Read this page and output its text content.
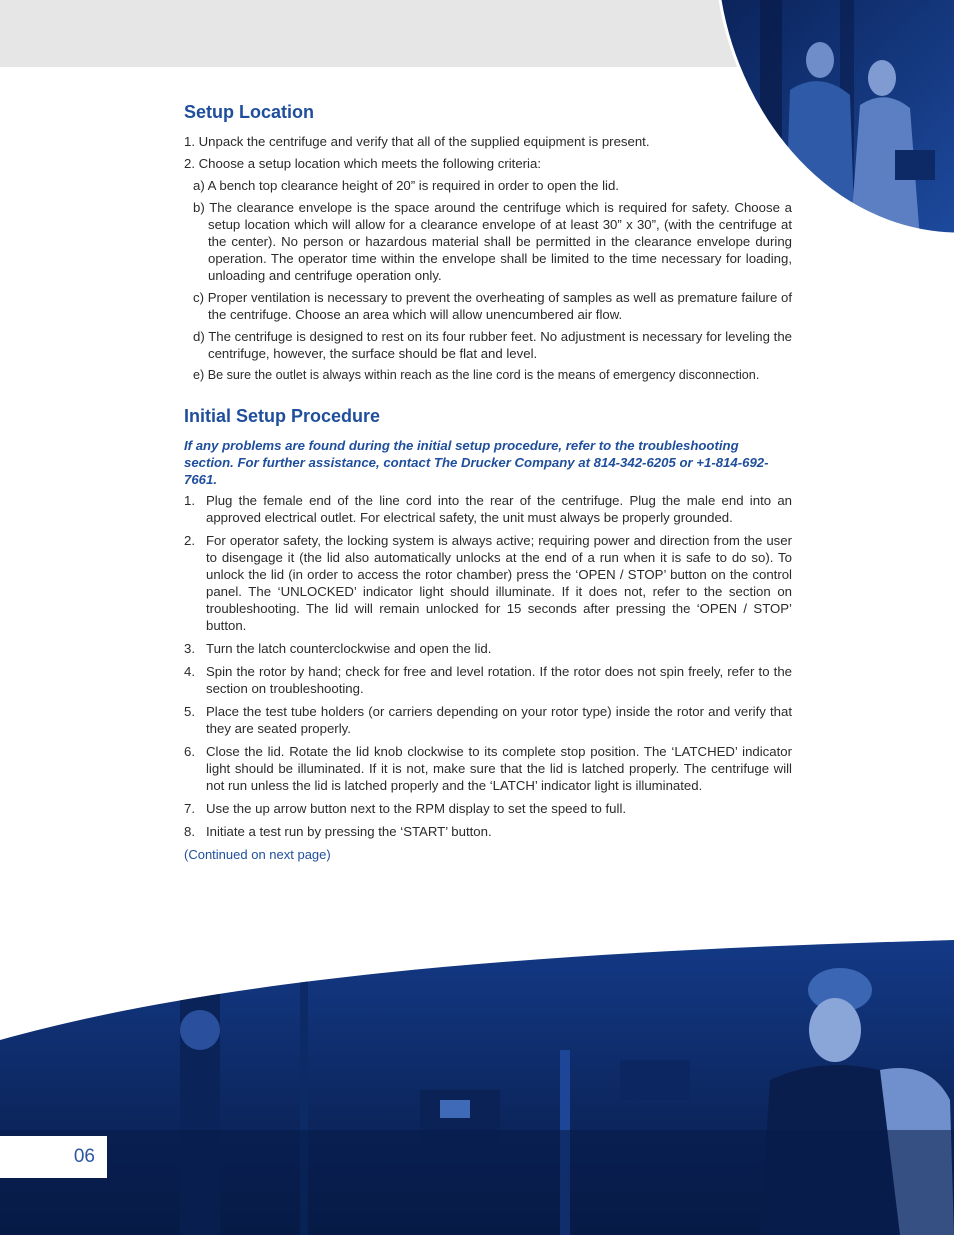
06
Setup Location
1. Unpack the centrifuge and verify that all of the supplied equipment is present.
2. Choose a setup location which meets the following criteria:
a) A bench top clearance height of 20” is required in order to open the lid.
b) The clearance envelope is the space around the centrifuge which is required for safety. Choose a setup location which will allow for a clearance envelope of at least 30” x 30”, (with the centrifuge at the center). No person or hazardous material shall be permitted in the clearance envelope during operation. The operator time within the envelope shall be limited to the time necessary for loading, unloading and centrifuge operation only.
c) Proper ventilation is necessary to prevent the overheating of samples as well as premature failure of the centrifuge. Choose an area which will allow unencumbered air flow.
d) The centrifuge is designed to rest on its four rubber feet. No adjustment is necessary for leveling the centrifuge, however, the surface should be flat and level.
e) Be sure the outlet is always within reach as the line cord is the means of emergency disconnection.
Initial Setup Procedure
If any problems are found during the initial setup procedure, refer to the troubleshooting section. For further assistance, contact The Drucker Company at 814-342-6205 or +1-814-692-7661.
1. Plug the female end of the line cord into the rear of the centrifuge. Plug the male end into an approved electrical outlet. For electrical safety, the unit must always be properly grounded.
2. For operator safety, the locking system is always active; requiring power and direction from the user to disengage it (the lid also automatically unlocks at the end of a run when it is safe to do so). To unlock the lid (in order to access the rotor chamber) press the ‘OPEN / STOP’ button on the control panel. The ‘UNLOCKED’ indicator light should illuminate. If it does not, refer to the section on troubleshooting. The lid will remain unlocked for 15 seconds after pressing the ‘OPEN / STOP’ button.
3. Turn the latch counterclockwise and open the lid.
4. Spin the rotor by hand; check for free and level rotation. If the rotor does not spin freely, refer to the section on troubleshooting.
5. Place the test tube holders (or carriers depending on your rotor type) inside the rotor and verify that they are seated properly.
6. Close the lid. Rotate the lid knob clockwise to its complete stop position. The ‘LATCHED’ indicator light should be illuminated. If it is not, make sure that the lid is latched properly. The centrifuge will not run unless the lid is latched properly and the ‘LATCH’ indicator light is illuminated.
7. Use the up arrow button next to the RPM display to set the speed to full.
8. Initiate a test run by pressing the ‘START’ button.
(Continued on next page)
